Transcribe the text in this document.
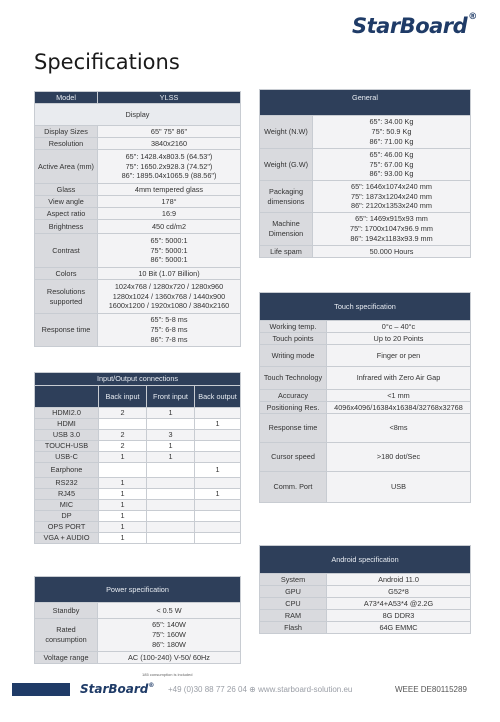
StarBoard®
Specifications
Model	YLSS
Display	
Display Sizes	65" 75" 86"

Resolution	3840x2160

Active Area (mm)	65": 1428.4x803.5 (64.53")
75": 1650.2x928.3 (74.52")
86": 1895.04x1065.9 (88.56")

Glass	4mm tempered glass

View angle	178°

Aspect ratio	16:9

Brightness	450 cd/m2

Contrast	65": 5000:1
75": 5000:1
86": 5000:1

Colors	10 Bit (1.07 Billion)

Resolutions supported	1024x768 / 1280x720 / 1280x960
1280x1024 / 1360x768 / 1440x900
1600x1200 / 1920x1080 / 3840x2160

Response time	65": 5-8 ms
75": 6-8 ms
86": 7-8 ms
Input/Output connections			
	Back input	Front input	Back output
HDMI2.0	2	1	
HDMI			1
USB 3.0	2	3	
TOUCH-USB	2	1	
USB-C	1	1	
Earphone			1
RS232	1		
RJ45	1		1
MIC	1		
DP	1		
OPS PORT	1		
VGA + AUDIO	1		
Power specification	
Standby	< 0.5 W

Rated consumption	65": 140W
75": 160W
86": 180W

Voltage range	AC (100-240) V-50/ 60Hz
185 consumption is included
General	
Weight (N.W)	65": 34.00 Kg
75": 50.9 Kg
86": 71.00 Kg

Weight (G.W)	65": 46.00 Kg
75": 67.00 Kg
86": 93.00 Kg

Packaging dimensions	65": 1646x1074x240 mm
75": 1873x1204x240 mm
86": 2120x1353x240 mm

Machine Dimension	65": 1469x915x93 mm
75": 1700x1047x96.9 mm
86": 1942x1183x93.9 mm

Life spam	50.000 Hours
Touch specification	
Working temp.	0°c – 40°c

Touch points	Up to 20 Points

Writing mode	Finger or pen

Touch Technology	Infrared with Zero Air Gap

Accuracy	<1 mm

Positioning Res.	4096x4096/16384x16384/32768x32768

Response time	<8ms

Cursor speed	>180 dot/Sec

Comm. Port	USB
Android specification	
System	Android 11.0

GPU	G52*8

CPU	A73*4+A53*4 @2.2G

RAM	8G DDR3

Flash	64G EMMC
StarBoard® +49 (0)30 88 77 26 04 ⊕ www.starboard-solution.eu	WEEE DE80115289
